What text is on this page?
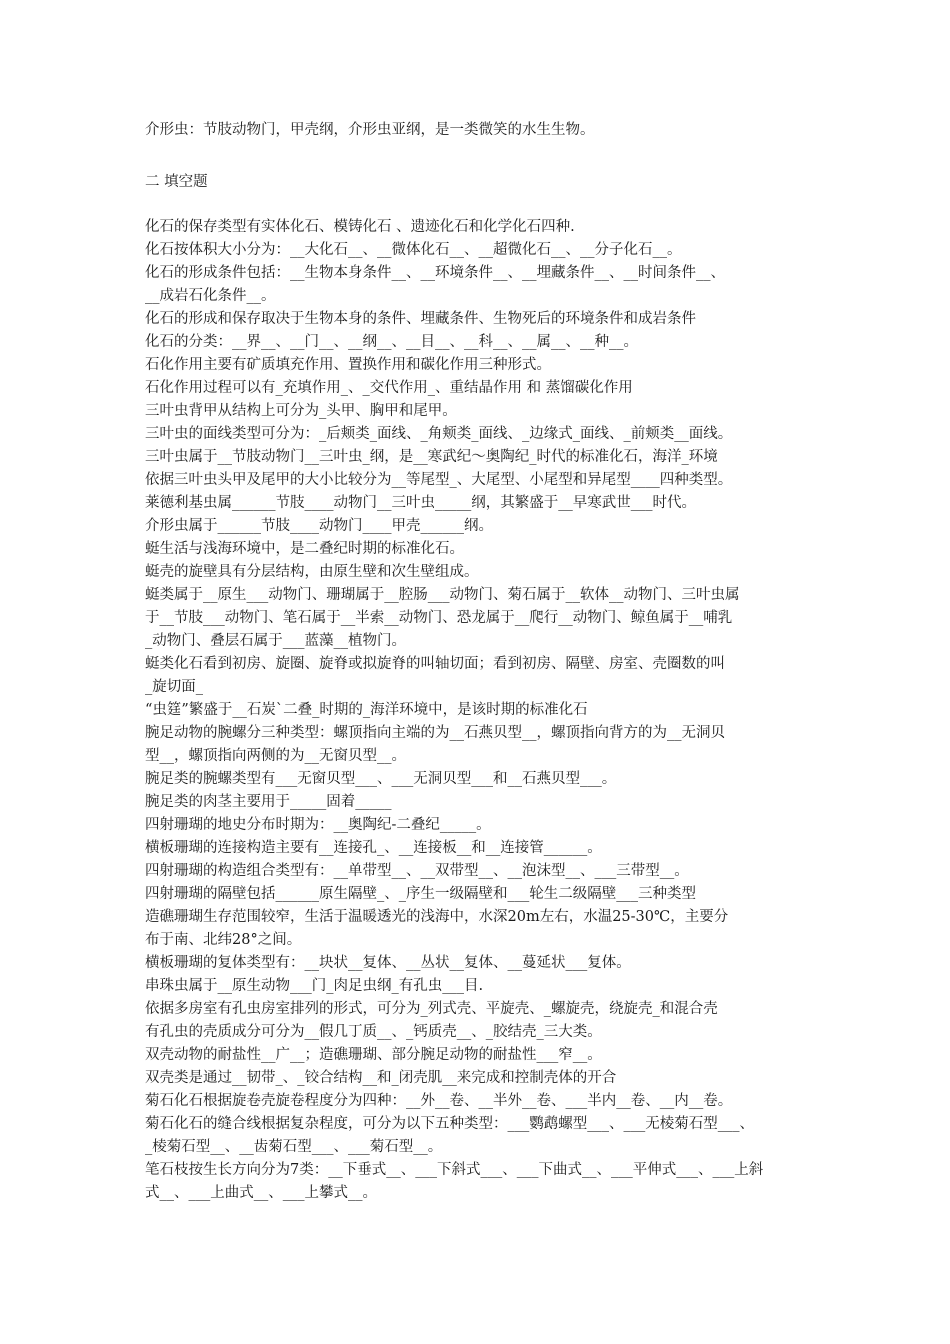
介形虫：节肢动物门，甲壳纲，介形虫亚纲，是一类微笑的水生生物。
二 填空题
化石的保存类型有实体化石、模铸化石 、遗迹化石和化学化石四种.
化石按体积大小分为：__大化石__、__微体化石__、__超微化石__、__分子化石__。
化石的形成条件包括：__生物本身条件__、__环境条件__、__埋藏条件__、__时间条件__、
__成岩石化条件__。
化石的形成和保存取决于生物本身的条件、埋藏条件、生物死后的环境条件和成岩条件
化石的分类：__界__、__门__、__纲__、__目__、__科__、__属__、__种__。
石化作用主要有矿质填充作用、置换作用和碳化作用三种形式。
石化作用过程可以有_充填作用_、_交代作用_、重结晶作用 和 蒸馏碳化作用
三叶虫背甲从结构上可分为_头甲、胸甲和尾甲。
三叶虫的面线类型可分为：_后颊类_面线、_角颊类_面线、_边缘式_面线、_前颊类__面线。
三叶虫属于__节肢动物门__三叶虫_纲，是__寒武纪～奥陶纪_时代的标准化石，海洋_环境
依据三叶虫头甲及尾甲的大小比较分为__等尾型_、大尾型、小尾型和异尾型____四种类型。
莱德利基虫属______节肢____动物门__三叶虫_____纲，其繁盛于__早寒武世___时代。
介形虫属于______节肢____动物门____甲壳______纲。
蜓生活与浅海环境中，是二叠纪时期的标准化石。
蜓壳的旋壁具有分层结构，由原生壁和次生壁组成。
蜓类属于__原生___动物门、珊瑚属于__腔肠___动物门、菊石属于__软体__动物门、三叶虫属
于__节肢___动物门、笔石属于__半索__动物门、恐龙属于__爬行__动物门、鲸鱼属于__哺乳
_动物门、叠层石属于___蓝藻__植物门。
蜓类化石看到初房、旋圈、旋脊或拟旋脊的叫轴切面；看到初房、隔壁、房室、壳圈数的叫
_旋切面_
“虫筳”繁盛于__石炭`二叠_时期的_海洋环境中，是该时期的标准化石
腕足动物的腕螺分三种类型：螺顶指向主端的为__石燕贝型__，螺顶指向背方的为__无洞贝
型__，螺顶指向两侧的为__无窗贝型__。
腕足类的腕螺类型有___无窗贝型___、___无洞贝型___和__石燕贝型___。
腕足类的肉茎主要用于_____固着_____
四射珊瑚的地史分布时期为：__奥陶纪-二叠纪_____。
横板珊瑚的连接构造主要有__连接孔_、__连接板__和__连接管______。
四射珊瑚的构造组合类型有：__单带型__、__双带型__、__泡沫型__、___三带型__。
四射珊瑚的隔壁包括______原生隔壁_、_序生一级隔壁和___轮生二级隔壁___三种类型
造礁珊瑚生存范围较窄，生活于温暖透光的浅海中，水深20m左右，水温25-30℃，主要分
布于南、北纬28°之间。
横板珊瑚的复体类型有：__块状__复体、__丛状__复体、__蔓延状___复体。
串珠虫属于__原生动物___门_肉足虫纲_有孔虫___目.
依据多房室有孔虫房室排列的形式，可分为_列式壳、平旋壳、_螺旋壳，绕旋壳_和混合壳
有孔虫的壳质成分可分为__假几丁质__、_钙质壳__、_胶结壳_三大类。
双壳动物的耐盐性__广__；造礁珊瑚、部分腕足动物的耐盐性___窄__。
双壳类是通过__韧带_、_铰合结构__和_闭壳肌__来完成和控制壳体的开合
菊石化石根据旋卷壳旋卷程度分为四种：__外__卷、__半外__卷、___半内__卷、__内__卷。
菊石化石的缝合线根据复杂程度，可分为以下五种类型：___鹦鹉螺型___、___无棱菊石型___、
_棱菊石型__、__齿菊石型___、___菊石型__。
笔石枝按生长方向分为7类：__下垂式__、___下斜式___、___下曲式__、___平伸式___、___上斜
式__、___上曲式__、___上攀式__。
